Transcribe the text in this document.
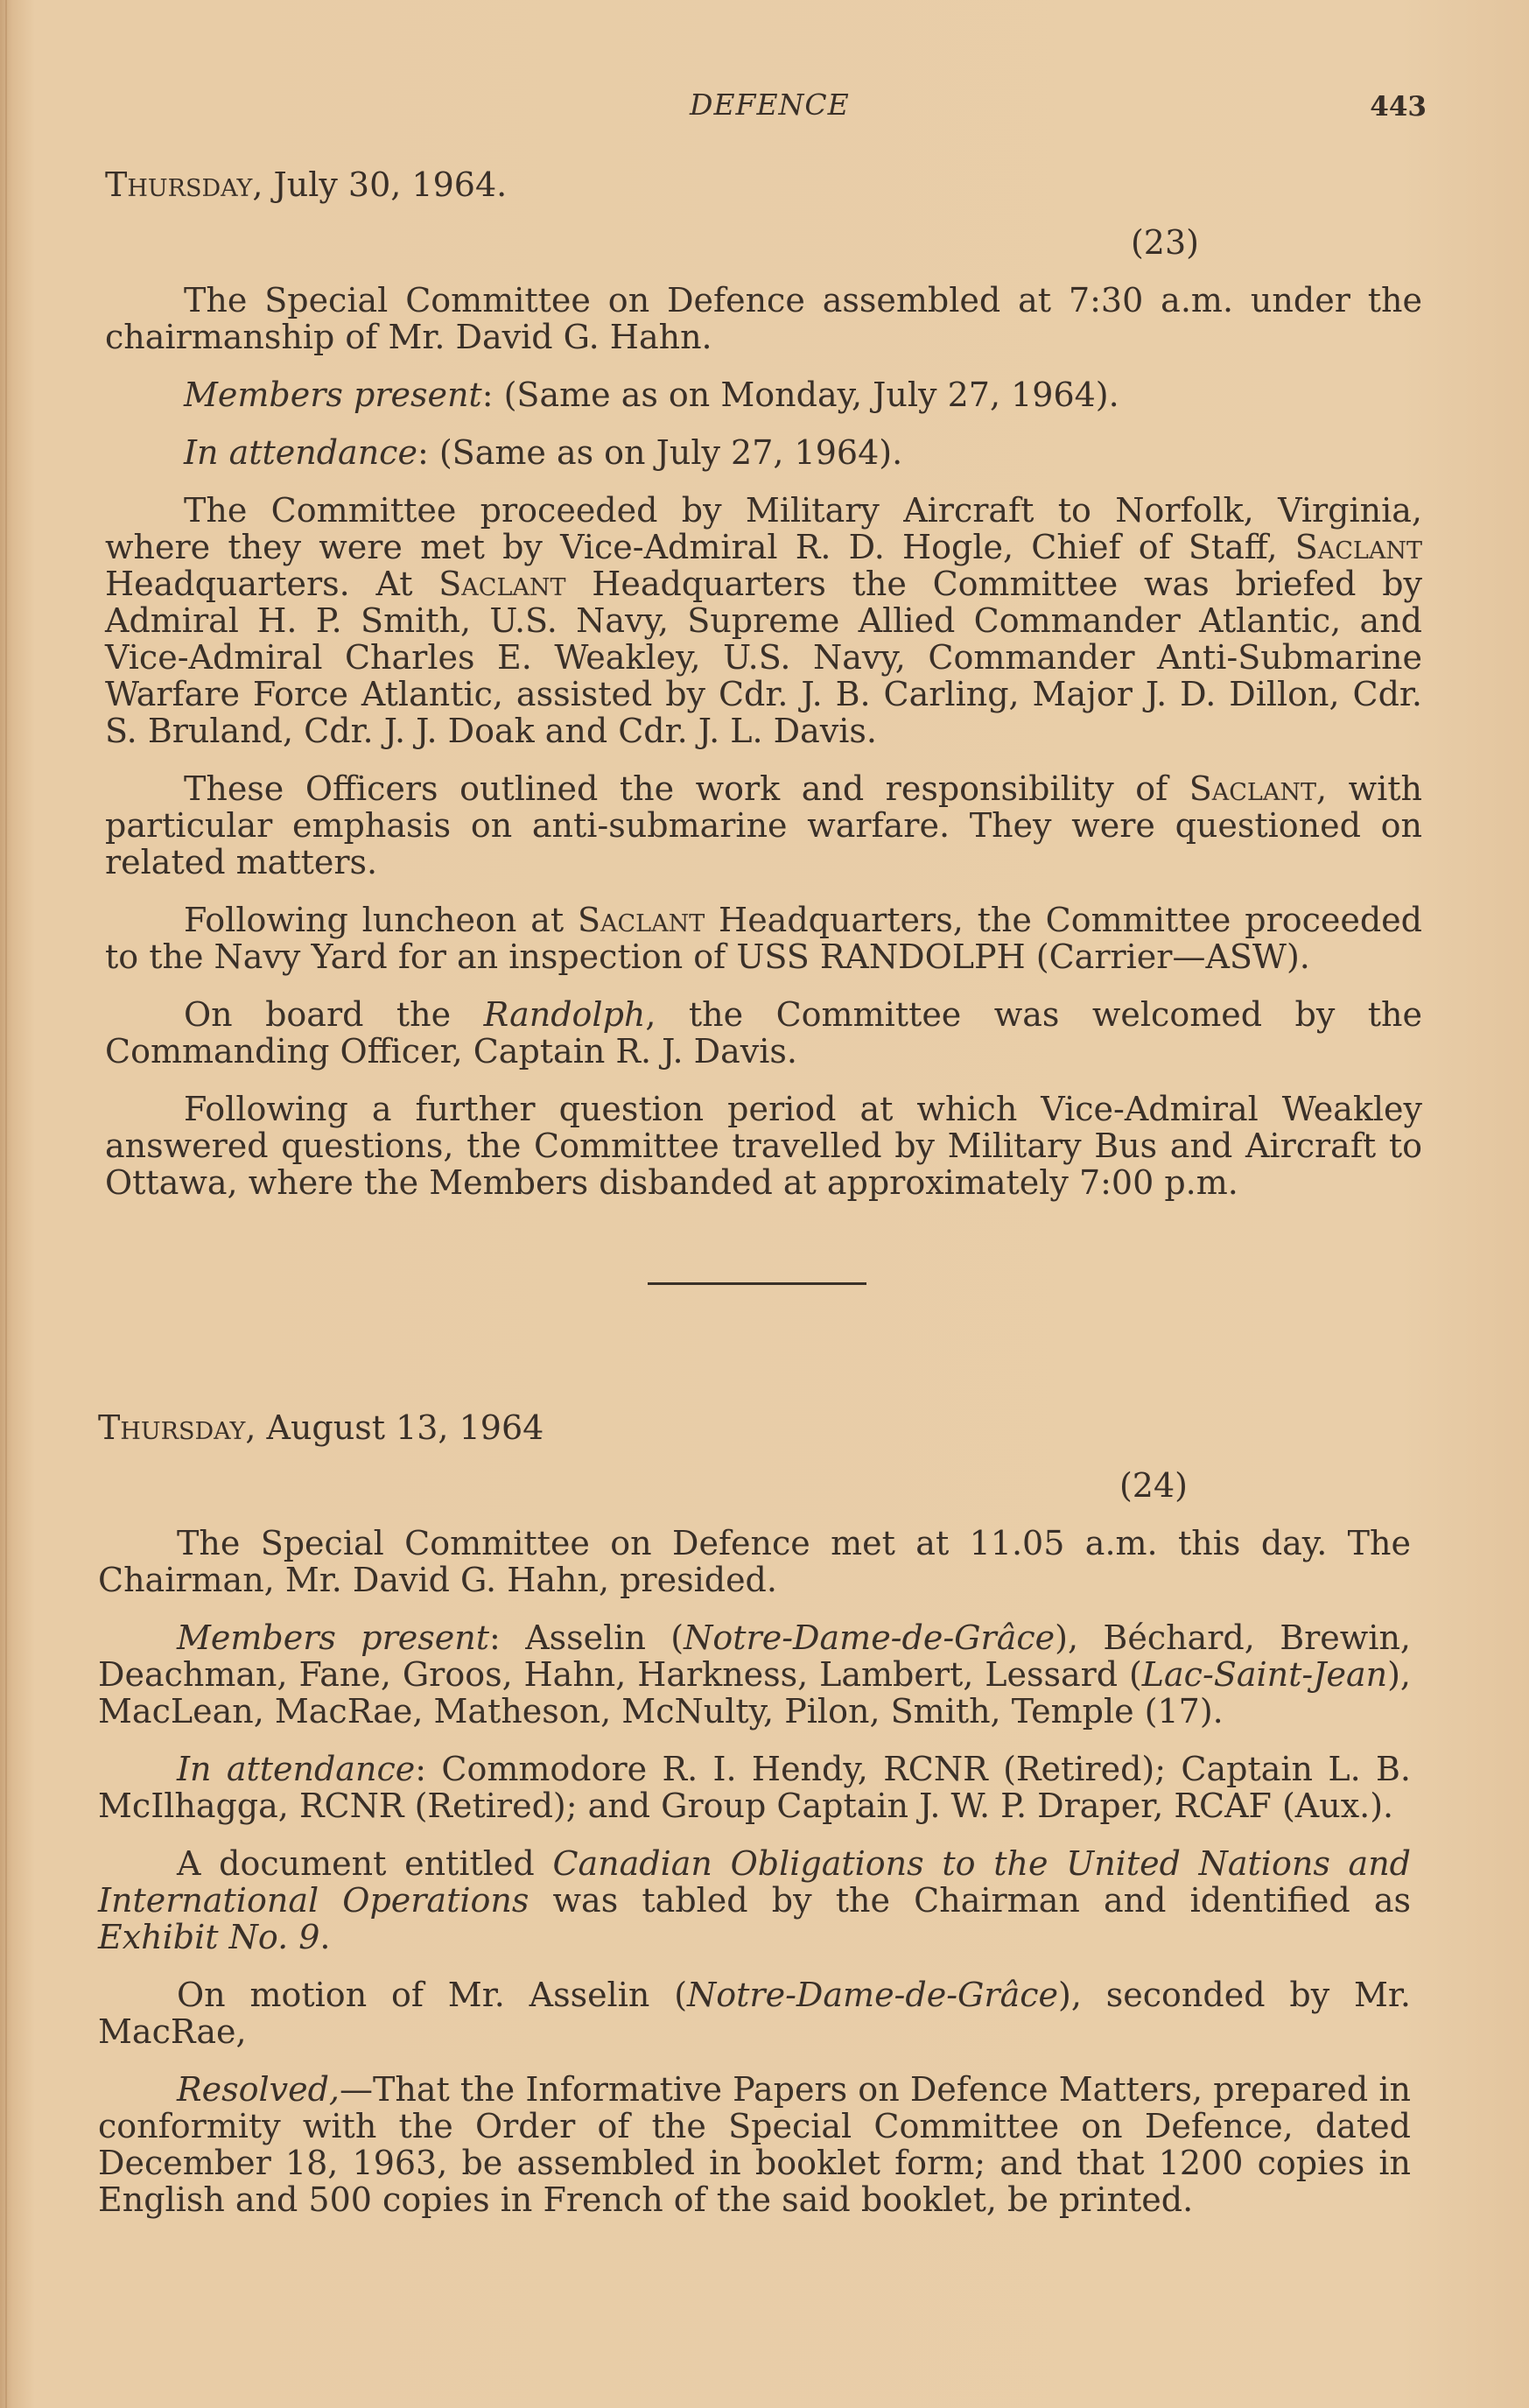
DEFENCE	443

Thursday, July 30, 1964.

(23)

The Special Committee on Defence assembled at 7:30 a.m. under the chairmanship of Mr. David G. Hahn.

Members present: (Same as on Monday, July 27, 1964).

In attendance: (Same as on July 27, 1964).

The Committee proceeded by Military Aircraft to Norfolk, Virginia, where they were met by Vice-Admiral R. D. Hogle, Chief of Staff, Saclant Headquarters. At Saclant Headquarters the Committee was briefed by Admiral H. P. Smith, U.S. Navy, Supreme Allied Commander Atlantic, and Vice-Admiral Charles E. Weakley, U.S. Navy, Commander Anti-Submarine Warfare Force Atlantic, assisted by Cdr. J. B. Carling, Major J. D. Dillon, Cdr. S. Bruland, Cdr. J. J. Doak and Cdr. J. L. Davis.

These Officers outlined the work and responsibility of Saclant, with particular emphasis on anti-submarine warfare. They were questioned on related matters.

Following luncheon at Saclant Headquarters, the Committee proceeded to the Navy Yard for an inspection of USS RANDOLPH (Carrier—ASW).

On board the Randolph, the Committee was welcomed by the Commanding Officer, Captain R. J. Davis.

Following a further question period at which Vice-Admiral Weakley answered questions, the Committee travelled by Military Bus and Aircraft to Ottawa, where the Members disbanded at approximately 7:00 p.m.

Thursday, August 13, 1964

(24)

The Special Committee on Defence met at 11.05 a.m. this day. The Chairman, Mr. David G. Hahn, presided.

Members present: Asselin (Notre-Dame-de-Grâce), Béchard, Brewin, Deachman, Fane, Groos, Hahn, Harkness, Lambert, Lessard (Lac-Saint-Jean), MacLean, MacRae, Matheson, McNulty, Pilon, Smith, Temple (17).

In attendance: Commodore R. I. Hendy, RCNR (Retired); Captain L. B. McIlhagga, RCNR (Retired); and Group Captain J. W. P. Draper, RCAF (Aux.).

A document entitled Canadian Obligations to the United Nations and International Operations was tabled by the Chairman and identified as Exhibit No. 9.

On motion of Mr. Asselin (Notre-Dame-de-Grâce), seconded by Mr. MacRae,

Resolved,—That the Informative Papers on Defence Matters, prepared in conformity with the Order of the Special Committee on Defence, dated December 18, 1963, be assembled in booklet form; and that 1200 copies in English and 500 copies in French of the said booklet, be printed.
